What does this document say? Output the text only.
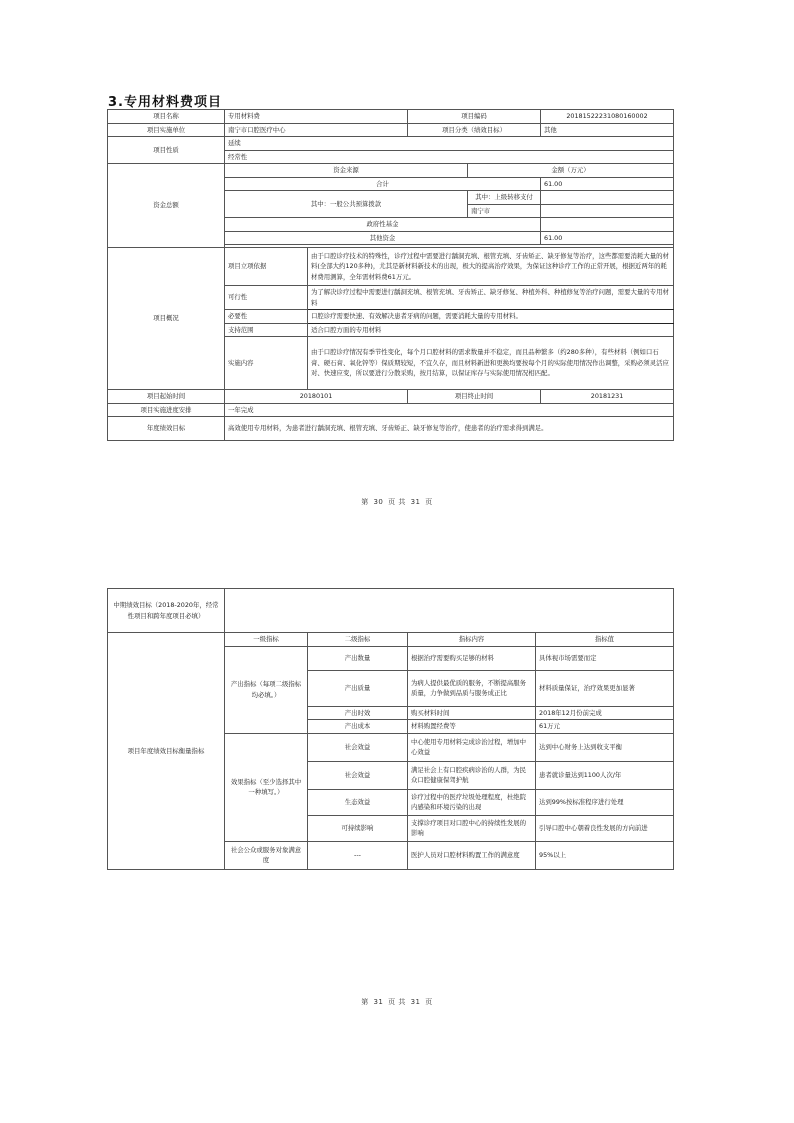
3.专用材料费项目
项目名称	专用材料费		项目编码		20181522231080160002
项目实施单位	南宁市口腔医疗中心		项目分类（绩效目标）		其他
项目性质	延续				
	经常性				
资金总额	资金来源			金额（万元）	
	合计				61.00
	其中：一般公共预算拨款			其中：上级转移支付	
				南宁市	
	政府性基金				
	其他资金				61.00

项目概况	项目立项依据	由于口腔诊疗技术的特殊性，诊疗过程中需要进行龋洞充填、根管充填、牙齿矫正、缺牙修复等治疗，这些都需要消耗大量的材料(全部大约120多种)，尤其是新材料新技术的出现，极大的提高治疗效果，为保证这种诊疗工作的正常开展，根据近两年的耗材费用测算，全年需材料费61万元。			
	可行性	为了解决诊疗过程中需要进行龋洞充填、根管充填、牙齿矫正、缺牙修复、种植外科、种植修复等治疗问题，需要大量的专用材料			
	必要性	口腔诊疗需要快速、有效解决患者牙病的问题，需要消耗大量的专用材料。			
	支持范围	适合口腔方面的专用材料			
	实施内容	由于口腔诊疗情况有季节性变化，每个月口腔材料的需求数量并不稳定，而且品种繁多（约280多种），有些材料（例如口石膏、硬石膏、氧化锌等）保质期较短，不宜久存，而且材料新进和更换均要按每个月的实际使用情况作出调整，采购必须灵活应对、快速应变，所以要进行分散采购，按月结算，以保证库存与实际使用情况相匹配。			
项目起始时间	20180101		项目终止时间		20181231
项目实施进度安排	一年完成				
年度绩效目标	高效使用专用材料，为患者进行龋洞充填、根管充填、牙齿矫正、缺牙修复等治疗，使患者的治疗需求得到满足。				
第 30 页 共 31 页
中期绩效目标（2018-2020年，经常性项目和跨年度项目必填）				
项目年度绩效目标衡量指标	一级指标	二级指标	指标内容	指标值
	产出指标（每项二级指标均必填。）	产出数量	根据治疗需要购买足够的材料	具体视市场需要而定
		产出质量	为病人提供最优质的服务，不断提高服务质量，力争做到品质与服务成正比	材料质量保证，治疗效果更加显著
		产出时效	购买材料时间	2018年12月份前完成
		产出成本	材料购置经费等	61万元
	效果指标（至少选择其中一种填写。）	社会效益	中心使用专用材料完成诊治过程，增加中心效益	达到中心财务上达到收支平衡
		社会效益	满足社会上有口腔疾病诊治的人群，为民众口腔健康保驾护航	患者就诊量达到1100人次/年
		生态效益	诊疗过程中的医疗垃圾处理程度，杜绝院内感染和环境污染的出现	达到99%按标准程序进行处理
		可持续影响	支撑诊疗项目对口腔中心的持续性发展的影响	引导口腔中心朝着良性发展的方向前进
	社会公众或服务对象满意度	---	医护人员对口腔材料购置工作的满意度	95%以上
第 31 页 共 31 页
